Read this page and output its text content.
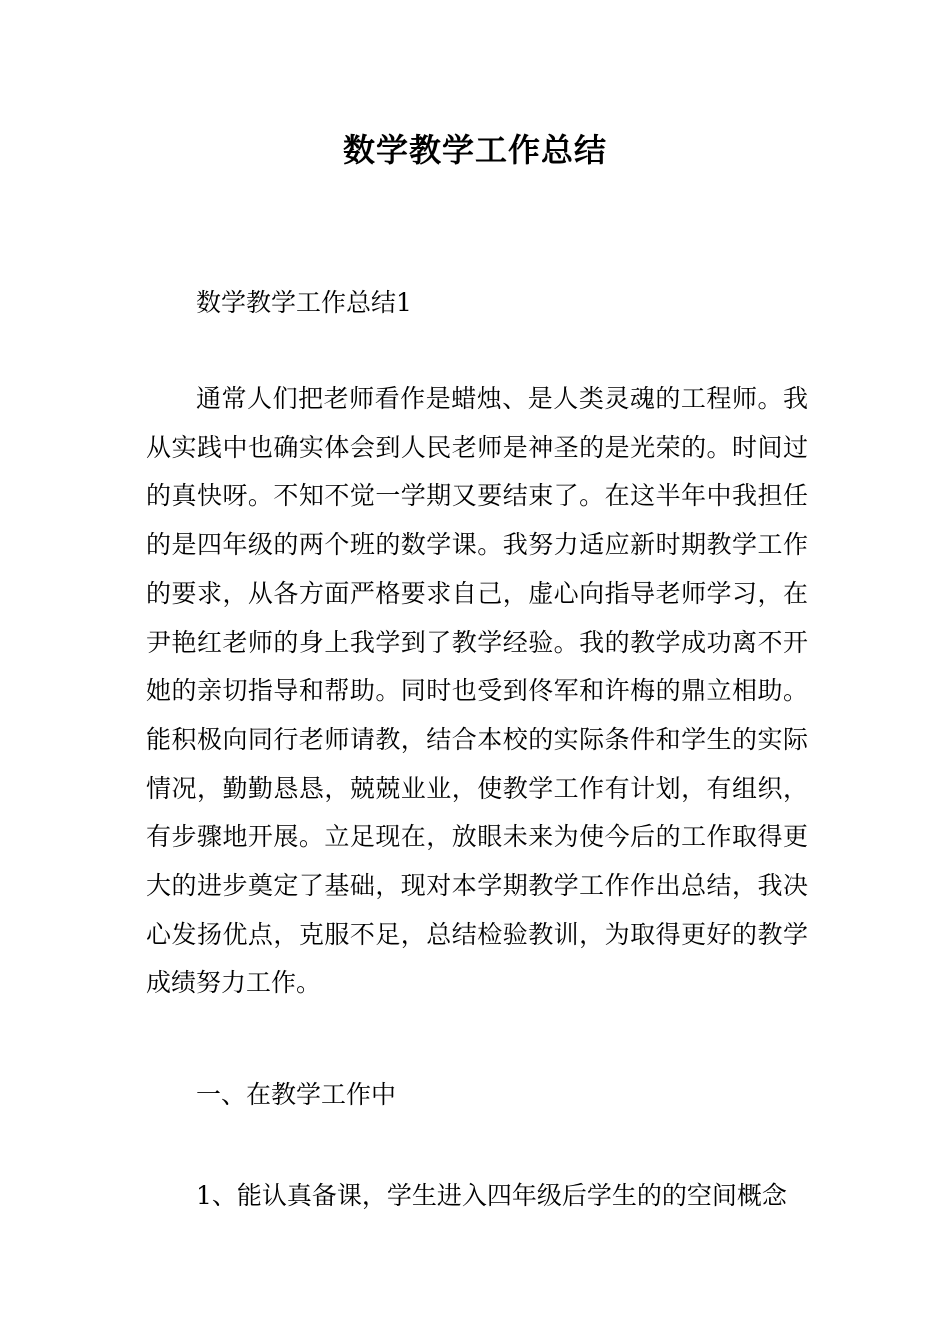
数学教学工作总结

数学教学工作总结1

通常人们把老师看作是蜡烛、是人类灵魂的工程师。我从实践中也确实体会到人民老师是神圣的是光荣的。时间过的真快呀。不知不觉一学期又要结束了。在这半年中我担任的是四年级的两个班的数学课。我努力适应新时期教学工作的要求，从各方面严格要求自己，虚心向指导老师学习，在尹艳红老师的身上我学到了教学经验。我的教学成功离不开她的亲切指导和帮助。同时也受到佟军和许梅的鼎立相助。能积极向同行老师请教，结合本校的实际条件和学生的实际情况，勤勤恳恳，兢兢业业，使教学工作有计划，有组织，有步骤地开展。立足现在，放眼未来为使今后的工作取得更大的进步奠定了基础，现对本学期教学工作作出总结，我决心发扬优点，克服不足，总结检验教训，为取得更好的教学成绩努力工作。

一、在教学工作中

1、能认真备课，学生进入四年级后学生的的空间概念
